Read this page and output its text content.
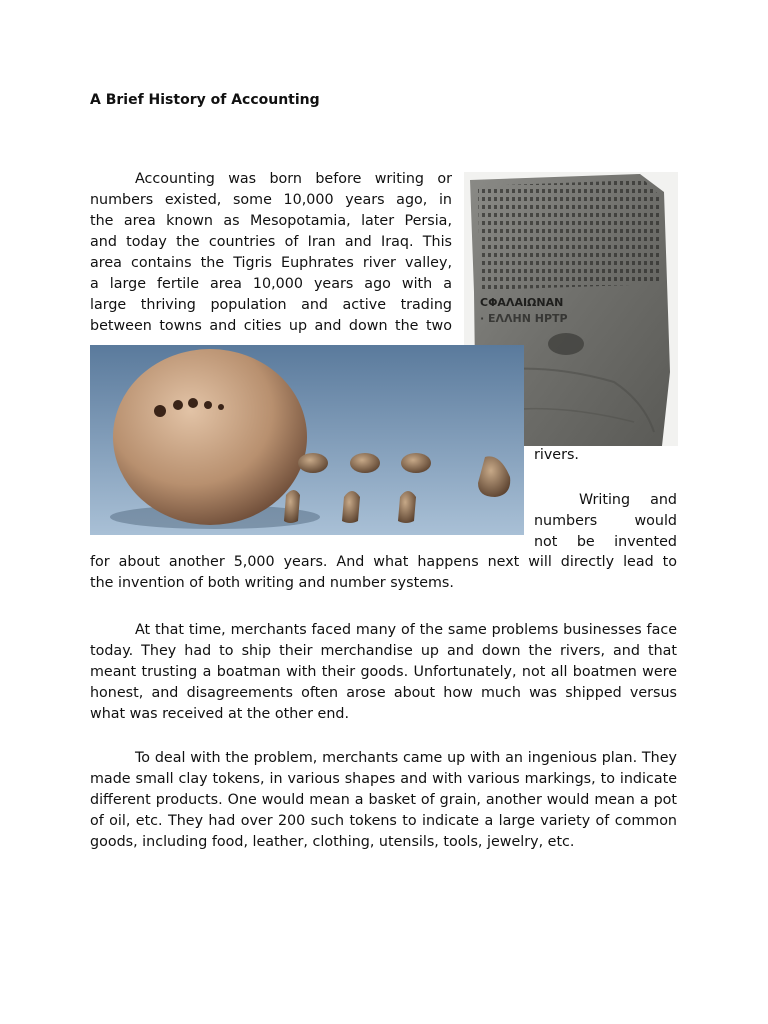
A Brief History of Accounting
Accounting was born before writing or
numbers existed, some 10,000 years ago, in
the area known as Mesopotamia, later Persia,
and today the countries of Iran and Iraq. This
area contains the Tigris Euphrates river valley,
a large fertile area 10,000 years ago with a
large thriving population and active trading
between towns and cities up and down the two
ϹΦΑΛΑΙΩΝΑΝ
· ΕΛΛΗΝ ΗΡΤΡ
rivers.
Writing and
numbers would
not be invented
for about another 5,000 years. And what happens next will directly lead to
the invention of both writing and number systems.

At that time, merchants faced many of the same problems businesses face today. They had to ship their merchandise up and down the rivers, and that meant trusting a boatman with their goods. Unfortunately, not all boatmen were honest, and disagreements often arose about how much was shipped versus what was received at the other end.

To deal with the problem, merchants came up with an ingenious plan. They made small clay tokens, in various shapes and with various markings, to indicate different products. One would mean a basket of grain, another would mean a pot of oil, etc. They had over 200 such tokens to indicate a large variety of common goods, including food, leather, clothing, utensils, tools, jewelry, etc.
